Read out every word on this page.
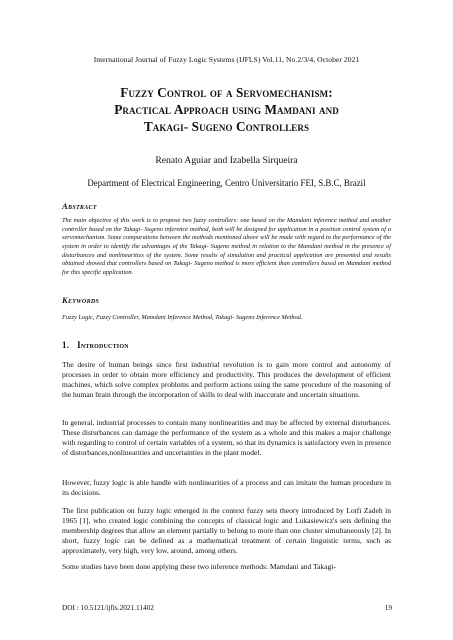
International Journal of Fuzzy Logic Systems (IJFLS) Vol.11, No.2/3/4, October 2021
Fuzzy Control of a Servomechanism:
Practical Approach using Mamdani and
Takagi- Sugeno Controllers
Renato Aguiar and Izabella Sirqueira
Department of Electrical Engineering, Centro Universitario FEI, S.B.C, Brazil
Abstract
The main objective of this work is to propose two fuzzy controllers: one based on the Mamdani inference method and another controller based on the Takagi- Sugeno inference method, both will be designed for application in a position control system of a servomechanism. Some comparations between the methods mentioned above will be made with regard to the performance of the system in order to identify the advantages of the Takagi- Sugeno method in relation to the Mamdani method in the presence of disturbances and nonlinearities of the system. Some results of simulation and practical application are presented and results obtained showed that controllers based on Takagi- Sugeno method is more efficient than controllers based on Mamdani method for this specific application.
Keywords
Fuzzy Logic, Fuzzy Controller, Mamdani Inference Method, Takagi- Sugeno Inference Method.
1. Introduction
The desire of human beings since first industrial revolution is to gain more control and autonomy of processes in order to obtain more efficiency and productivity. This produces the development of efficient machines, which solve complex problems and perform actions using the same procedure of the reasoning of the human brain through the incorporation of skills to deal with inaccurate and uncertain situations.
In general, industrial processes to contain many nonlinearities and may be affected by external disturbances. These disturbances can damage the performance of the system as a whole and this makes a major challenge with regarding to control of certain variables of a system, so that its dynamics is satisfactory even in presence of disturbances,nonlinearities and uncertainties in the plant model.
However, fuzzy logic is able handle with nonlinearities of a process and can imitate the human procedure in its decisions.
The first publication on fuzzy logic emerged in the context fuzzy sets theory introduced by Lotfi Zadeh in 1965 [1], who created logic combining the concepts of classical logic and Lukasiewicz's sets defining the membership degrees that allow an element partially to belong to more than one cluster simultaneously [2]. In short, fuzzy logic can be defined as a mathematical treatment of certain linguistic terms, such as approximately, very high, very low, around, among others.
Some studies have been done applying these two inference methods: Mamdani and Takagi-
DOI : 10.5121/ijfls.2021.11402	19
